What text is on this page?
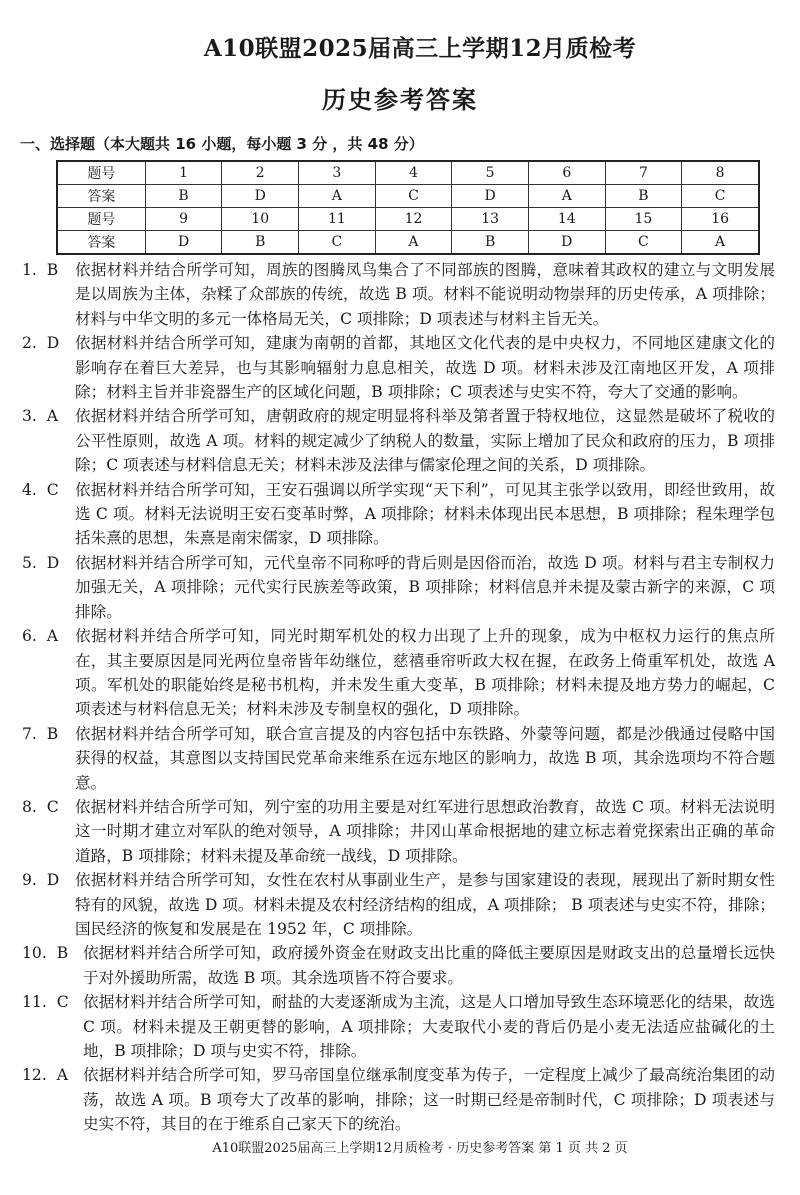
A10联盟2025届高三上学期12月质检考
历史参考答案
一、选择题（本大题共 16 小题，每小题 3 分 ，共 48 分）
题号	1	2	3	4	5	6	7	8
答案	B	D	A	C	D	A	B	C
题号	9	10	11	12	13	14	15	16
答案	D	B	C	A	B	D	C	A
1.  B	依据材料并结合所学可知，周族的图腾凤鸟集合了不同部族的图腾，意味着其政权的建立与文明发展是以周族为主体，杂糅了众部族的传统，故选 B 项。材料不能说明动物崇拜的历史传承，A 项排除；材料与中华文明的多元一体格局无关，C 项排除；D 项表述与材料主旨无关。
2.  D	依据材料并结合所学可知，建康为南朝的首都，其地区文化代表的是中央权力，不同地区建康文化的影响存在着巨大差异，也与其影响辐射力息息相关，故选 D 项。材料未涉及江南地区开发，A 项排除；材料主旨并非瓷器生产的区域化问题，B 项排除；C 项表述与史实不符，夸大了交通的影响。
3.  A	依据材料并结合所学可知，唐朝政府的规定明显将科举及第者置于特权地位，这显然是破坏了税收的公平性原则，故选 A 项。材料的规定减少了纳税人的数量，实际上增加了民众和政府的压力，B 项排除；C 项表述与材料信息无关；材料未涉及法律与儒家伦理之间的关系，D 项排除。
4.  C	依据材料并结合所学可知，王安石强调以所学实现“天下利”，可见其主张学以致用，即经世致用，故选 C 项。材料无法说明王安石变革时弊，A 项排除；材料未体现出民本思想，B 项排除；程朱理学包括朱熹的思想，朱熹是南宋儒家，D 项排除。
5.  D	依据材料并结合所学可知，元代皇帝不同称呼的背后则是因俗而治，故选 D 项。材料与君主专制权力加强无关，A 项排除；元代实行民族差等政策，B 项排除；材料信息并未提及蒙古新字的来源，C 项排除。
6.  A	依据材料并结合所学可知，同光时期军机处的权力出现了上升的现象，成为中枢权力运行的焦点所在，其主要原因是同光两位皇帝皆年幼继位，慈禧垂帘听政大权在握，在政务上倚重军机处，故选 A 项。军机处的职能始终是秘书机构，并未发生重大变革，B 项排除；材料未提及地方势力的崛起，C 项表述与材料信息无关；材料未涉及专制皇权的强化，D 项排除。
7.  B	依据材料并结合所学可知，联合宣言提及的内容包括中东铁路、外蒙等问题，都是沙俄通过侵略中国获得的权益，其意图以支持国民党革命来维系在远东地区的影响力，故选 B 项，其余选项均不符合题意。
8.  C	依据材料并结合所学可知，列宁室的功用主要是对红军进行思想政治教育，故选 C 项。材料无法说明这一时期才建立对军队的绝对领导，A 项排除；井冈山革命根据地的建立标志着党探索出正确的革命道路，B 项排除；材料未提及革命统一战线，D 项排除。
9.  D	依据材料并结合所学可知，女性在农村从事副业生产，是参与国家建设的表现，展现出了新时期女性特有的风貌，故选 D 项。材料未提及农村经济结构的组成，A 项排除； B 项表述与史实不符，排除；国民经济的恢复和发展是在 1952 年，C 项排除。
10.  B 依据材料并结合所学可知，政府援外资金在财政支出比重的降低主要原因是财政支出的总量增长远快于对外援助所需，故选 B 项。其余选项皆不符合要求。
11.  C 依据材料并结合所学可知，耐盐的大麦逐渐成为主流，这是人口增加导致生态环境恶化的结果，故选 C 项。材料未提及王朝更替的影响，A 项排除；大麦取代小麦的背后仍是小麦无法适应盐碱化的土地，B 项排除；D 项与史实不符，排除。
12.  A 依据材料并结合所学可知，罗马帝国皇位继承制度变革为传子，一定程度上减少了最高统治集团的动荡，故选 A 项。B 项夸大了改革的影响，排除；这一时期已经是帝制时代，C 项排除；D 项表述与史实不符，其目的在于维系自己家天下的统治。
A10联盟2025届高三上学期12月质检考 · 历史参考答案 第 1 页 共 2 页
